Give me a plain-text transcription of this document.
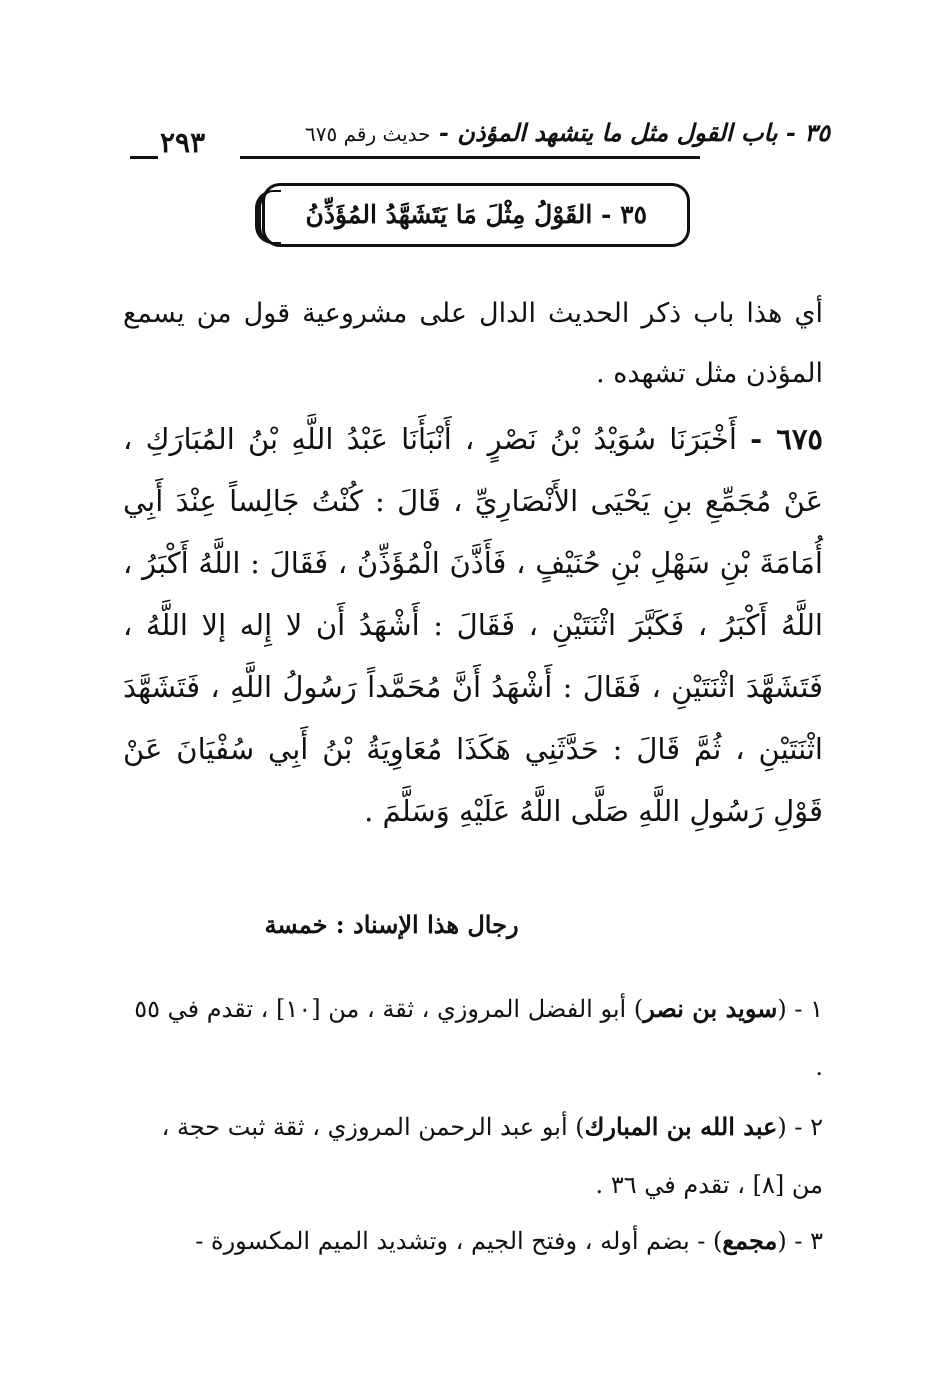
٣٥ - باب القول مثل ما يتشهد المؤذن - حديث رقم ٦٧٥
٢٩٣
٣٥ - القَوْلُ مِثْلَ مَا يَتَشَهَّدُ المُؤَذِّنُ
أي هذا باب ذكر الحديث الدال على مشروعية قول من يسمع المؤذن مثل تشهده .
٦٧٥ - أَخْبَرَنَا سُوَيْدُ بْنُ نَصْرٍ ، أَنْبَأَنَا عَبْدُ اللَّهِ بْنُ المُبَارَكِ ، عَنْ مُجَمِّعِ بنِ يَحْيَى الأَنْصَارِيِّ ، قَالَ : كُنْتُ جَالِساً عِنْدَ أَبِي أُمَامَةَ بْنِ سَهْلِ بْنِ حُنَيْفٍ ، فَأَذَّنَ الْمُؤَذِّنُ ، فَقَالَ : اللَّهُ أَكْبَرُ ، اللَّهُ أَكْبَرُ ، فَكَبَّرَ اثْنَتَيْنِ ، فَقَالَ : أَشْهَدُ أَن لا إِله إلا اللَّهُ ، فَتَشَهَّدَ اثْنَتَيْنِ ، فَقَالَ : أَشْهَدُ أَنَّ مُحَمَّداً رَسُولُ اللَّهِ ، فَتَشَهَّدَ اثْنَتَيْنِ ، ثُمَّ قَالَ : حَدَّثَنِي هَكَذَا مُعَاوِيَةُ بْنُ أَبِي سُفْيَانَ عَنْ قَوْلِ رَسُولِ اللَّهِ صَلَّى اللَّهُ عَلَيْهِ وَسَلَّمَ .
رجال هذا الإسناد : خمسة
١ - (سويد بن نصر) أبو الفضل المروزي ، ثقة ، من [١٠] ، تقدم في ٥٥ .
٢ - (عبد الله بن المبارك) أبو عبد الرحمن المروزي ، ثقة ثبت حجة ، من [٨] ، تقدم في ٣٦ .
٣ - (مجمع) - بضم أوله ، وفتح الجيم ، وتشديد الميم المكسورة -
